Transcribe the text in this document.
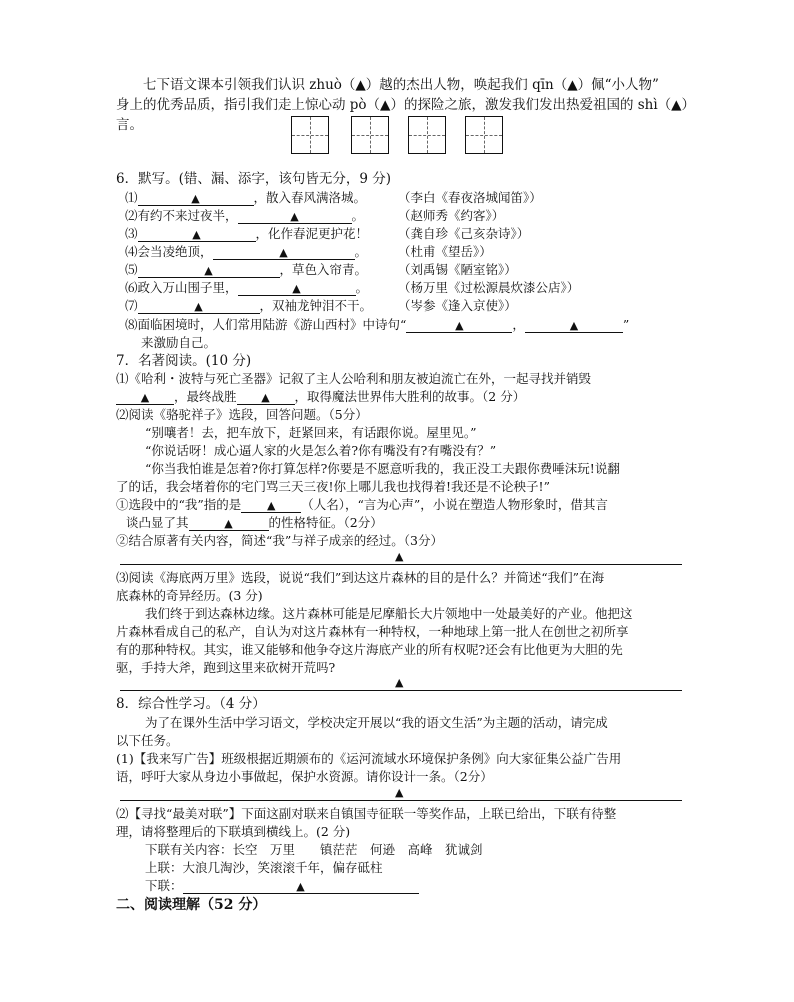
七下语文课本引领我们认识 zhuò（▲）越的杰出人物，唤起我们 qīn（▲）佩“小人物”
身上的优秀品质，指引我们走上惊心动 pò（▲）的探险之旅，激发我们发出热爱祖国的 shì（▲）
言。
6．默写。(错、漏、添字，该句皆无分，9 分)
⑴	▲	，散入春风满洛城。	（李白《春夜洛城闻笛》）
⑵有约不来过夜半，	▲	。	（赵师秀《约客》）
⑶	▲	，化作春泥更护花！ （龚自珍《己亥杂诗》）
⑷会当凌绝顶，	▲	。 （杜甫《望岳》）
⑸	▲	，草色入帘青。 （刘禹锡《陋室铭》）
⑹政入万山围子里，	▲	。 （杨万里《过松源晨炊漆公店》）
⑺	▲	，双袖龙钟泪不干。 （岑参《逢入京使》）
⑻面临困境时，人们常用陆游《游山西村》中诗句“	▲	，	▲	”
来激励自己。
7．名著阅读。(10 分)
⑴《哈利・波特与死亡圣器》记叙了主人公哈利和朋友被迫流亡在外，一起寻找并销毁
▲ ，最终战胜 ▲ ，取得魔法世界伟大胜利的故事。（2 分）
⑵阅读《骆驼祥子》选段，回答问题。（5分）
“别嚷者！去，把车放下，赶紧回来，有话跟你说。屋里见。”
“你说话呀！成心逼人家的火是怎么着?你有嘴没有?有嘴没有？”
“你当我怕谁是怎着?你打算怎样?你要是不愿意听我的，我正没工夫跟你费唾沫玩!说翻
了的话，我会堵着你的宅门骂三天三夜!你上哪儿我也找得着!我还是不论秧子!”
①选段中的“我”指的是 ▲ （人名），“言为心声”，小说在塑造人物形象时，借其言
谈凸显了其	▲	的性格特征。（2分）
②结合原著有关内容，简述“我”与祥子成亲的经过。（3分）
▲
⑶阅读《海底两万里》选段，说说“我们”到达这片森林的目的是什么？并简述“我们”在海
底森林的奇异经历。(3 分)
我们终于到达森林边缘。这片森林可能是尼摩船长大片领地中一处最美好的产业。他把这
片森林看成自己的私产，自认为对这片森林有一种特权，一种地球上第一批人在创世之初所享
有的那种特权。其实，谁又能够和他争夺这片海底产业的所有权呢?还会有比他更为大胆的先
驱，手持大斧，跑到这里来砍树开荒吗?
▲
8．综合性学习。（4 分）
为了在课外生活中学习语文，学校决定开展以“我的语文生活”为主题的活动，请完成
以下任务。
(1)【我来写广告】班级根据近期颁布的《运河流域水环境保护条例》向大家征集公益广告用
语，呼吁大家从身边小事做起，保护水资源。请你设计一条。（2分）
▲
⑵【寻找“最美对联”】下面这副对联来自镇国寺征联一等奖作品，上联已给出，下联有待整
理，请将整理后的下联填到横线上。(2 分)
下联有关内容：长空　万里　　镇茫茫　何逊　高峰　犹诚剑
上联：大浪几淘沙，笑滚滚千年，偏存砥柱
下联：	▲
二、阅读理解（52 分）
